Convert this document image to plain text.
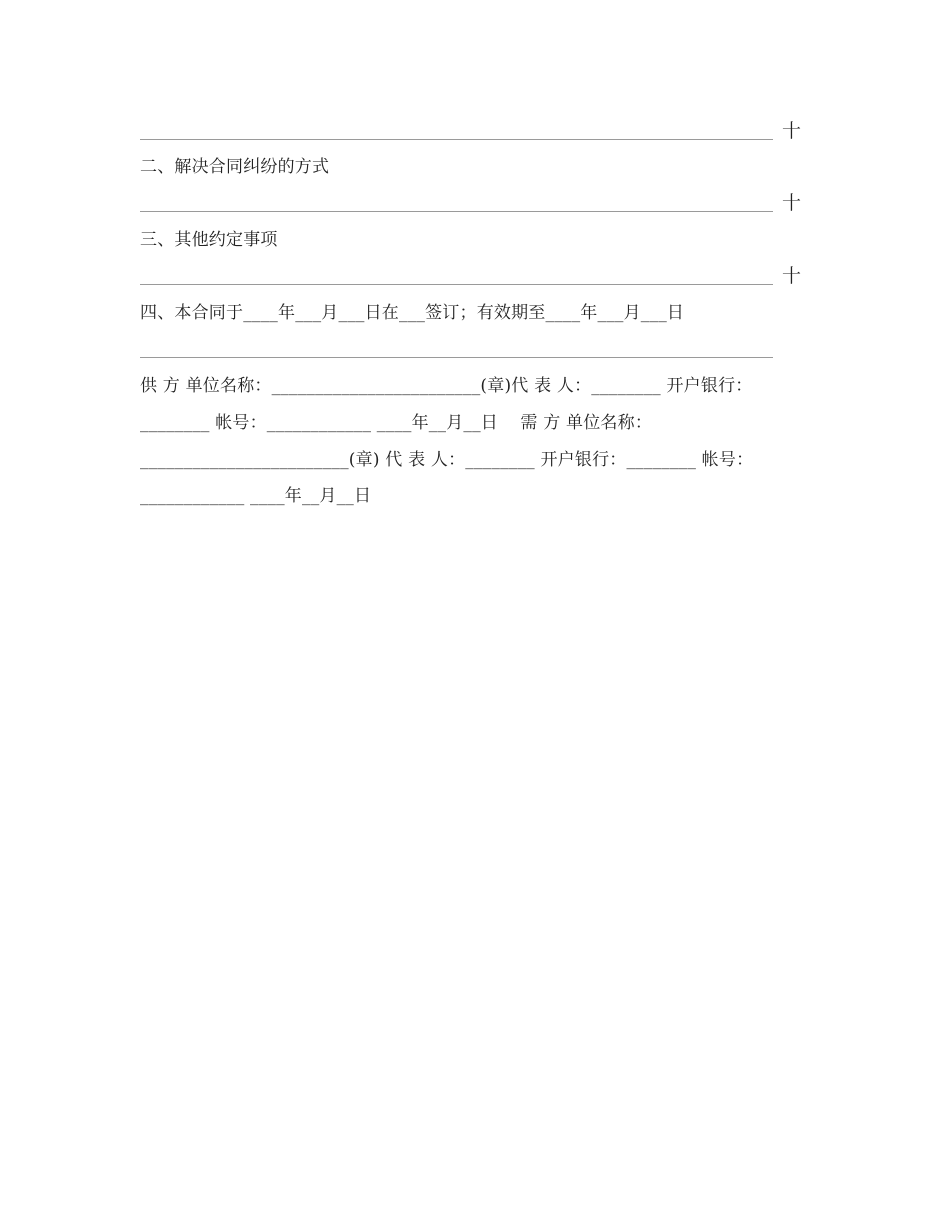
十
二、解决合同纠纷的方式
十
三、其他约定事项
十
四、本合同于____年___月___日在___签订；有效期至____年___月___日
供 方 单位名称：________________________(章)代 表 人：________ 开户银行：
________ 帐号：____________ ____年__月__日    需 方 单位名称：
________________________(章) 代 表 人：________ 开户银行：________ 帐号：
____________ ____年__月__日
